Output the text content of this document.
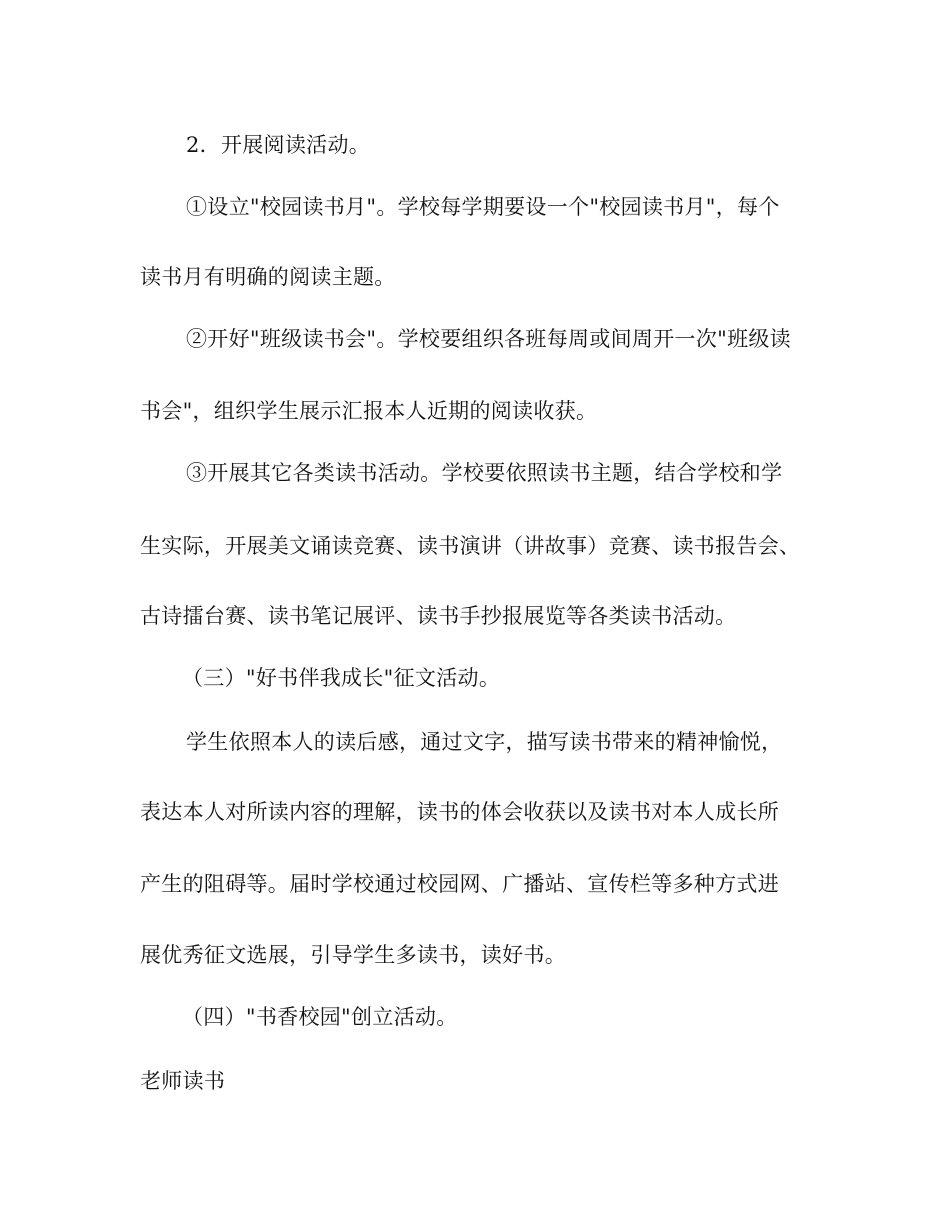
2．开展阅读活动。
①设立"校园读书月"。学校每学期要设一个"校园读书月"，每个
读书月有明确的阅读主题。
②开好"班级读书会"。学校要组织各班每周或间周开一次"班级读
书会"，组织学生展示汇报本人近期的阅读收获。
③开展其它各类读书活动。学校要依照读书主题，结合学校和学
生实际，开展美文诵读竞赛、读书演讲（讲故事）竞赛、读书报告会、
古诗擂台赛、读书笔记展评、读书手抄报展览等各类读书活动。
（三）"好书伴我成长"征文活动。
学生依照本人的读后感，通过文字，描写读书带来的精神愉悦，
表达本人对所读内容的理解，读书的体会收获以及读书对本人成长所
产生的阻碍等。届时学校通过校园网、广播站、宣传栏等多种方式进
展优秀征文选展，引导学生多读书，读好书。
（四）"书香校园"创立活动。
老师读书
